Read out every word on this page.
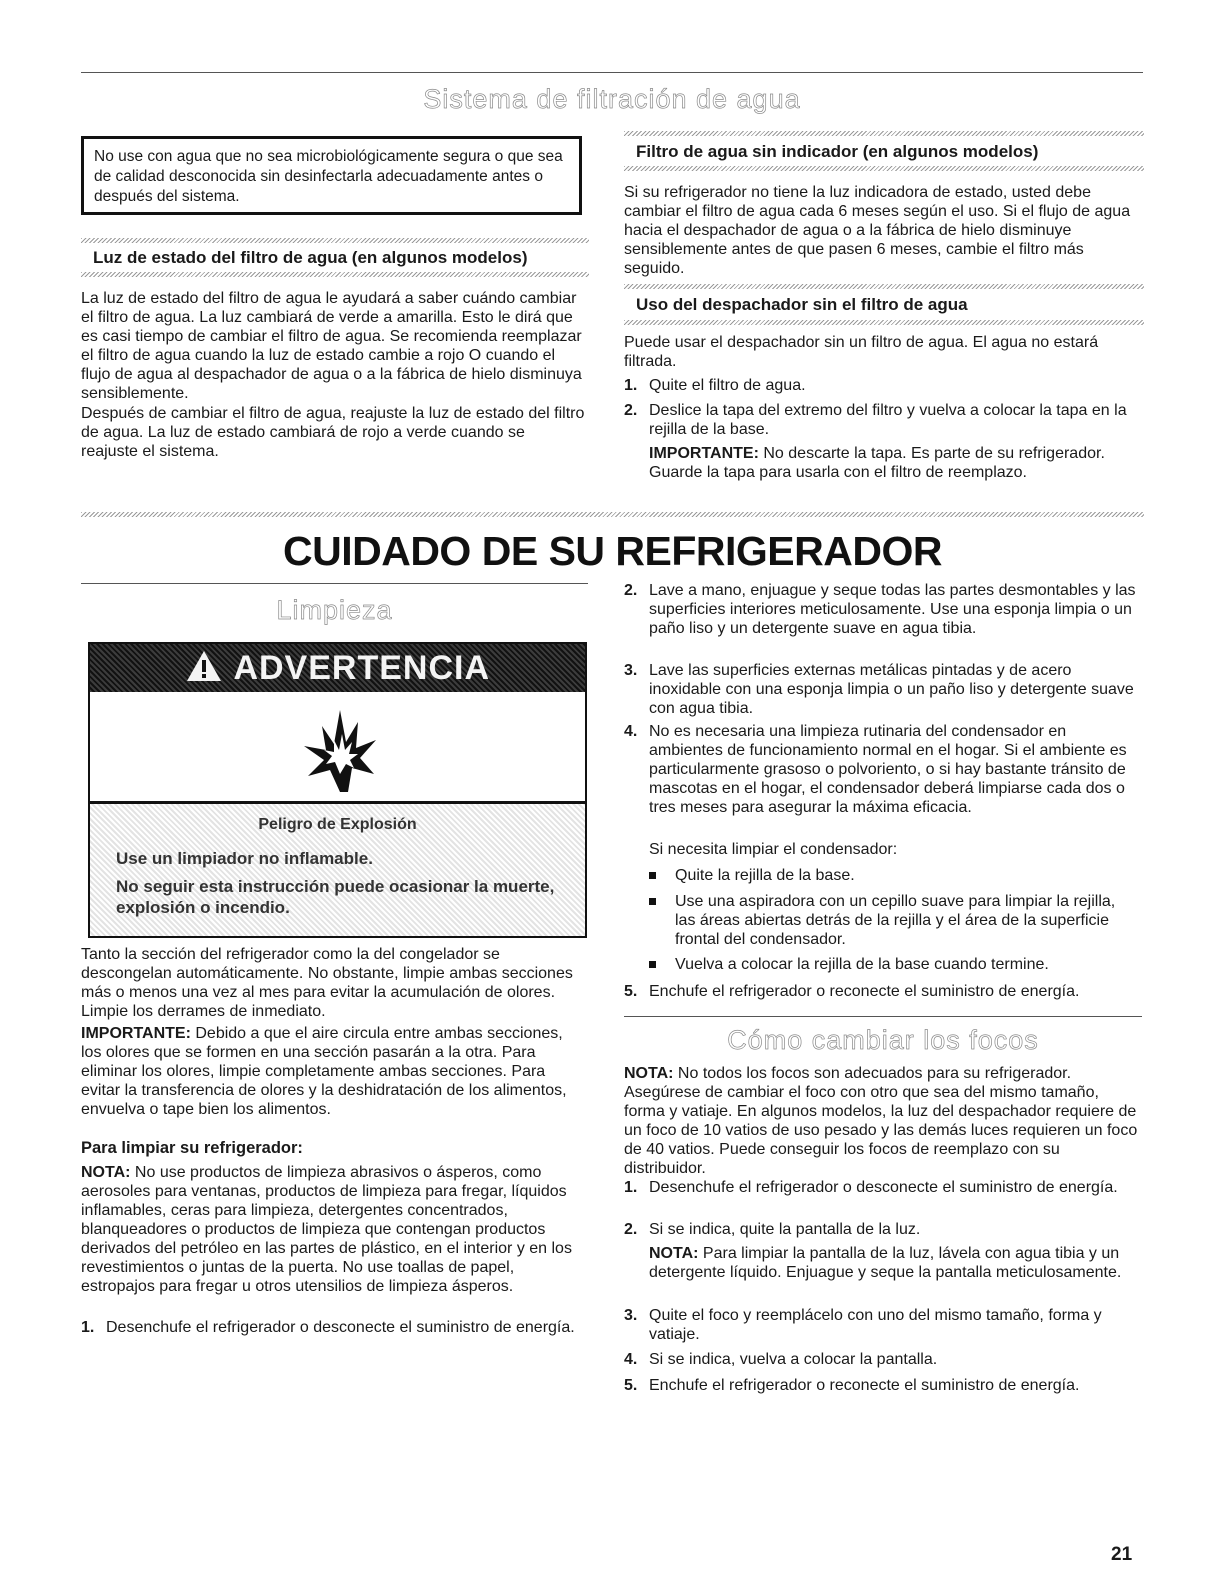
Sistema de filtración de agua
No use con agua que no sea microbiológicamente segura o que sea de calidad desconocida sin desinfectarla adecuadamente antes o después del sistema.
Luz de estado del filtro de agua (en algunos modelos)

La luz de estado del filtro de agua le ayudará a saber cuándo cambiar el filtro de agua. La luz cambiará de verde a amarilla. Esto le dirá que es casi tiempo de cambiar el filtro de agua. Se recomienda reemplazar el filtro de agua cuando la luz de estado cambie a rojo O cuando el flujo de agua al despachador de agua o a la fábrica de hielo disminuya sensiblemente.

Después de cambiar el filtro de agua, reajuste la luz de estado del filtro de agua. La luz de estado cambiará de rojo a verde cuando se reajuste el sistema.

Filtro de agua sin indicador (en algunos modelos)

Si su refrigerador no tiene la luz indicadora de estado, usted debe cambiar el filtro de agua cada 6 meses según el uso. Si el flujo de agua hacia el despachador de agua o a la fábrica de hielo disminuye sensiblemente antes de que pasen 6 meses, cambie el filtro más seguido.

Uso del despachador sin el filtro de agua

Puede usar el despachador sin un filtro de agua. El agua no estará filtrada.

1. Quite el filtro de agua.
2. Deslice la tapa del extremo del filtro y vuelva a colocar la tapa en la rejilla de la base.

IMPORTANTE: No descarte la tapa. Es parte de su refrigerador. Guarde la tapa para usarla con el filtro de reemplazo.

CUIDADO DE SU REFRIGERADOR
Limpieza
ADVERTENCIA
Peligro de Explosión
Use un limpiador no inflamable.
No seguir esta instrucción puede ocasionar la muerte, explosión o incendio.

Tanto la sección del refrigerador como la del congelador se descongelan automáticamente. No obstante, limpie ambas secciones más o menos una vez al mes para evitar la acumulación de olores. Limpie los derrames de inmediato.

IMPORTANTE: Debido a que el aire circula entre ambas secciones, los olores que se formen en una sección pasarán a la otra. Para eliminar los olores, limpie completamente ambas secciones. Para evitar la transferencia de olores y la deshidratación de los alimentos, envuelva o tape bien los alimentos.

Para limpiar su refrigerador:

NOTA: No use productos de limpieza abrasivos o ásperos, como aerosoles para ventanas, productos de limpieza para fregar, líquidos inflamables, ceras para limpieza, detergentes concentrados, blanqueadores o productos de limpieza que contengan productos derivados del petróleo en las partes de plástico, en el interior y en los revestimientos o juntas de la puerta. No use toallas de papel, estropajos para fregar u otros utensilios de limpieza ásperos.

1. Desenchufe el refrigerador o desconecte el suministro de energía.
2. Lave a mano, enjuague y seque todas las partes desmontables y las superficies interiores meticulosamente. Use una esponja limpia o un paño liso y un detergente suave en agua tibia.
3. Lave las superficies externas metálicas pintadas y de acero inoxidable con una esponja limpia o un paño liso y detergente suave con agua tibia.
4. No es necesaria una limpieza rutinaria del condensador en ambientes de funcionamiento normal en el hogar. Si el ambiente es particularmente grasoso o polvoriento, o si hay bastante tránsito de mascotas en el hogar, el condensador deberá limpiarse cada dos o tres meses para asegurar la máxima eficacia.

Si necesita limpiar el condensador:

Quite la rejilla de la base.
Use una aspiradora con un cepillo suave para limpiar la rejilla, las áreas abiertas detrás de la rejilla y el área de la superficie frontal del condensador.
Vuelva a colocar la rejilla de la base cuando termine.
5. Enchufe el refrigerador o reconecte el suministro de energía.
Cómo cambiar los focos

NOTA: No todos los focos son adecuados para su refrigerador. Asegúrese de cambiar el foco con otro que sea del mismo tamaño, forma y vatiaje. En algunos modelos, la luz del despachador requiere de un foco de 10 vatios de uso pesado y las demás luces requieren un foco de 40 vatios. Puede conseguir los focos de reemplazo con su distribuidor.

1. Desenchufe el refrigerador o desconecte el suministro de energía.
2. Si se indica, quite la pantalla de la luz.

NOTA: Para limpiar la pantalla de la luz, lávela con agua tibia y un detergente líquido. Enjuague y seque la pantalla meticulosamente.

3. Quite el foco y reemplácelo con uno del mismo tamaño, forma y vatiaje.
4. Si se indica, vuelva a colocar la pantalla.
5. Enchufe el refrigerador o reconecte el suministro de energía.
21
